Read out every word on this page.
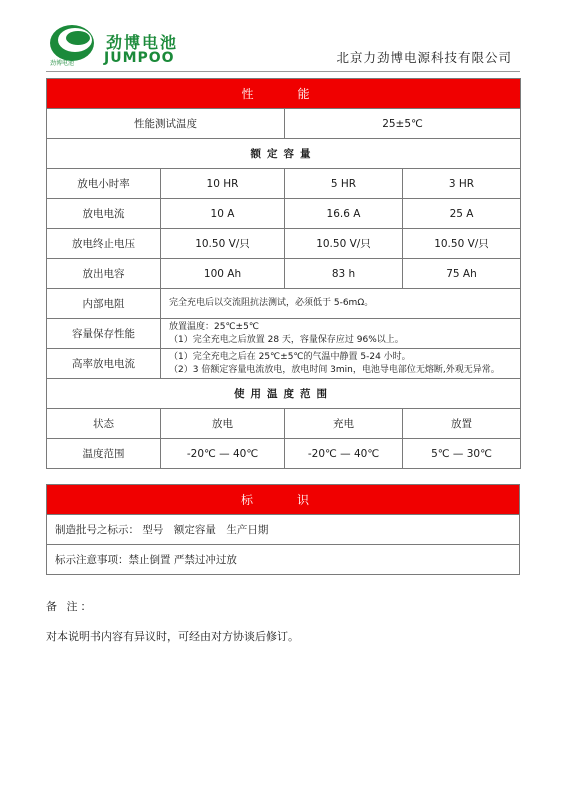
劲博电池
JUMPOO
劲博电池	北京力劲博电源科技有限公司
性　能			
性能测试温度		25±5℃	
额定容量			
放电小时率	10 HR	5 HR	3 HR
放电电流	10 A	16.6 A	25 A
放电终止电压	10.50 V/只	10.50 V/只	10.50 V/只
放出电容	100 Ah	83 h	75 Ah
内部电阻	完全充电后以交流阻抗法测试，必须低于 5-6mΩ。		
容量保存性能	放置温度：25℃±5℃
（1）完全充电之后放置 28 天，容量保存应过 96%以上。		

高率放电电流	（1）完全充电之后在 25℃±5℃的气温中静置 5-24 小时。
（2）3 倍额定容量电流放电，放电时间 3min，电池导电部位无熔断,外观无异常。		

使用温度范围			
状态	放电	充电	放置
温度范围	-20℃ — 40℃	-20℃ — 40℃	5℃ — 30℃
标　识
制造批号之标示： 型号　额定容量　生产日期
标示注意事项：禁止倒置 严禁过冲过放
备 注：
对本说明书内容有异议时，可经由对方协谈后修订。
